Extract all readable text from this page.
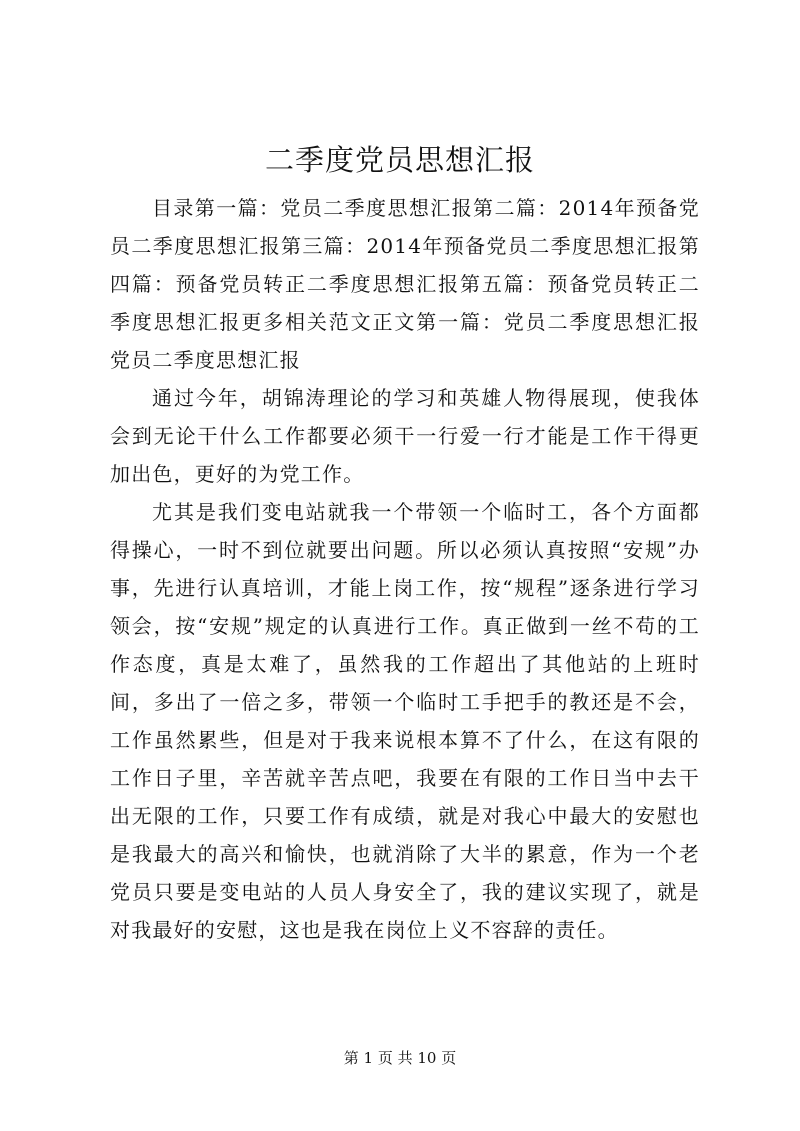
二季度党员思想汇报

目录第一篇：党员二季度思想汇报第二篇：2014年预备党员二季度思想汇报第三篇：2014年预备党员二季度思想汇报第四篇：预备党员转正二季度思想汇报第五篇：预备党员转正二季度思想汇报更多相关范文正文第一篇：党员二季度思想汇报党员二季度思想汇报

通过今年，胡锦涛理论的学习和英雄人物得展现，使我体会到无论干什么工作都要必须干一行爱一行才能是工作干得更加出色，更好的为党工作。

尤其是我们变电站就我一个带领一个临时工，各个方面都得操心，一时不到位就要出问题。所以必须认真按照“安规”办事，先进行认真培训，才能上岗工作，按“规程”逐条进行学习领会，按“安规”规定的认真进行工作。真正做到一丝不苟的工作态度，真是太难了，虽然我的工作超出了其他站的上班时间，多出了一倍之多，带领一个临时工手把手的教还是不会，工作虽然累些，但是对于我来说根本算不了什么，在这有限的工作日子里，辛苦就辛苦点吧，我要在有限的工作日当中去干出无限的工作，只要工作有成绩，就是对我心中最大的安慰也是我最大的高兴和愉快，也就消除了大半的累意，作为一个老党员只要是变电站的人员人身安全了，我的建议实现了，就是对我最好的安慰，这也是我在岗位上义不容辞的责任。

第 1 页 共 10 页
